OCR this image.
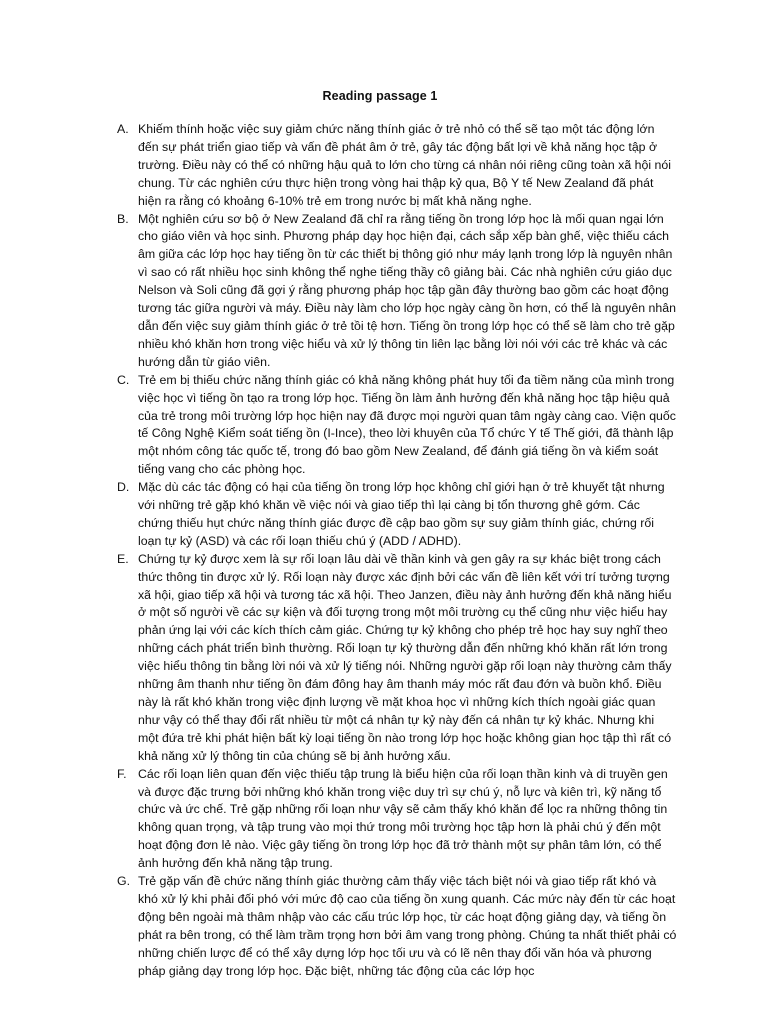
Reading passage 1
A. Khiếm thính hoặc việc suy giảm chức năng thính giác ở trẻ nhỏ có thể sẽ tạo một tác động lớn đến sự phát triển giao tiếp và vấn đề phát âm ở trẻ, gây tác động bất lợi về khả năng học tập ở trường. Điều này có thể có những hậu quả to lớn cho từng cá nhân nói riêng cũng toàn xã hội nói chung. Từ các nghiên cứu thực hiện trong vòng hai thập kỷ qua, Bộ Y tế New Zealand đã phát hiện ra rằng có khoảng 6-10% trẻ em trong nước bị mất khả năng nghe.
B. Một nghiên cứu sơ bộ ở New Zealand đã chỉ ra rằng tiếng ồn trong lớp học là mối quan ngại lớn cho giáo viên và học sinh. Phương pháp dạy học hiện đại, cách sắp xếp bàn ghế, việc thiếu cách âm giữa các lớp học hay tiếng ồn từ các thiết bị thông gió như máy lạnh trong lớp là nguyên nhân vì sao có rất nhiều học sinh không thể nghe tiếng thầy cô giảng bài. Các nhà nghiên cứu giáo dục Nelson và Soli cũng đã gợi ý rằng phương pháp học tập gần đây thường bao gồm các hoạt động tương tác giữa người và máy. Điều này làm cho lớp học ngày càng ồn hơn, có thể là nguyên nhân dẫn đến việc suy giảm thính giác ở trẻ tồi tệ hơn. Tiếng ồn trong lớp học có thể sẽ làm cho trẻ gặp nhiều khó khăn hơn trong việc hiểu và xử lý thông tin liên lạc bằng lời nói với các trẻ khác và các hướng dẫn từ giáo viên.
C. Trẻ em bị thiếu chức năng thính giác có khả năng không phát huy tối đa tiềm năng của mình trong việc học vì tiếng ồn tạo ra trong lớp học. Tiếng ồn làm ảnh hưởng đến khả năng học tập hiệu quả của trẻ trong môi trường lớp học hiện nay đã được mọi người quan tâm ngày càng cao. Viện quốc tế Công Nghệ Kiểm soát tiếng ồn (I-Ince), theo lời khuyên của Tổ chức Y tế Thế giới, đã thành lập một nhóm công tác quốc tế, trong đó bao gồm New Zealand, để đánh giá tiếng ồn và kiểm soát tiếng vang cho các phòng học.
D. Mặc dù các tác động có hại của tiếng ồn trong lớp học không chỉ giới hạn ở trẻ khuyết tật nhưng với những trẻ gặp khó khăn về việc nói và giao tiếp thì lại càng bị tổn thương ghê gớm. Các chứng thiếu hụt chức năng thính giác được đề cập bao gồm sự suy giảm thính giác, chứng rối loạn tự kỷ (ASD) và các rối loạn thiếu chú ý (ADD / ADHD).
E. Chứng tự kỷ được xem là sự rối loạn lâu dài về thần kinh và gen gây ra sự khác biệt trong cách thức thông tin được xử lý. Rối loạn này được xác định bởi các vấn đề liên kết với trí tưởng tượng xã hội, giao tiếp xã hội và tương tác xã hội. Theo Janzen, điều này ảnh hưởng đến khả năng hiểu ở một số người về các sự kiện và đối tượng trong một môi trường cụ thể cũng như việc hiểu hay phản ứng lại với các kích thích cảm giác. Chứng tự kỷ không cho phép trẻ học hay suy nghĩ theo những cách phát triển bình thường. Rối loạn tự kỷ thường dẫn đến những khó khăn rất lớn trong việc hiểu thông tin bằng lời nói và xử lý tiếng nói. Những người gặp rối loạn này thường cảm thấy những âm thanh như tiếng ồn đám đông hay âm thanh máy móc rất đau đớn và buồn khổ. Điều này là rất khó khăn trong việc định lượng về mặt khoa học vì những kích thích ngoài giác quan như vậy có thể thay đổi rất nhiều từ một cá nhân tự kỷ này đến cá nhân tự kỷ khác. Nhưng khi một đứa trẻ khi phát hiện bất kỳ loại tiếng ồn nào trong lớp học hoặc không gian học tập thì rất có khả năng xử lý thông tin của chúng sẽ bị ảnh hưởng xấu.
F. Các rối loạn liên quan đến việc thiếu tập trung là biểu hiện của rối loạn thần kinh và di truyền gen và được đặc trưng bởi những khó khăn trong việc duy trì sự chú ý, nỗ lực và kiên trì, kỹ năng tổ chức và ức chế. Trẻ gặp những rối loạn như vậy sẽ cảm thấy khó khăn để lọc ra những thông tin không quan trọng, và tập trung vào mọi thứ trong môi trường học tập hơn là phải chú ý đến một hoạt động đơn lẻ nào. Việc gây tiếng ồn trong lớp học đã trở thành một sự phân tâm lớn, có thể ảnh hưởng đến khả năng tập trung.
G. Trẻ gặp vấn đề chức năng thính giác thường cảm thấy việc tách biệt nói và giao tiếp rất khó và khó xử lý khi phải đối phó với mức độ cao của tiếng ồn xung quanh. Các mức này đến từ các hoạt động bên ngoài mà thâm nhập vào các cấu trúc lớp học, từ các hoạt động giảng dạy, và tiếng ồn phát ra bên trong, có thể làm trầm trọng hơn bởi âm vang trong phòng. Chúng ta nhất thiết phải có những chiến lược để có thể xây dựng lớp học tối ưu và có lẽ nên thay đổi văn hóa và phương pháp giảng dạy trong lớp học. Đặc biệt, những tác động của các lớp học
